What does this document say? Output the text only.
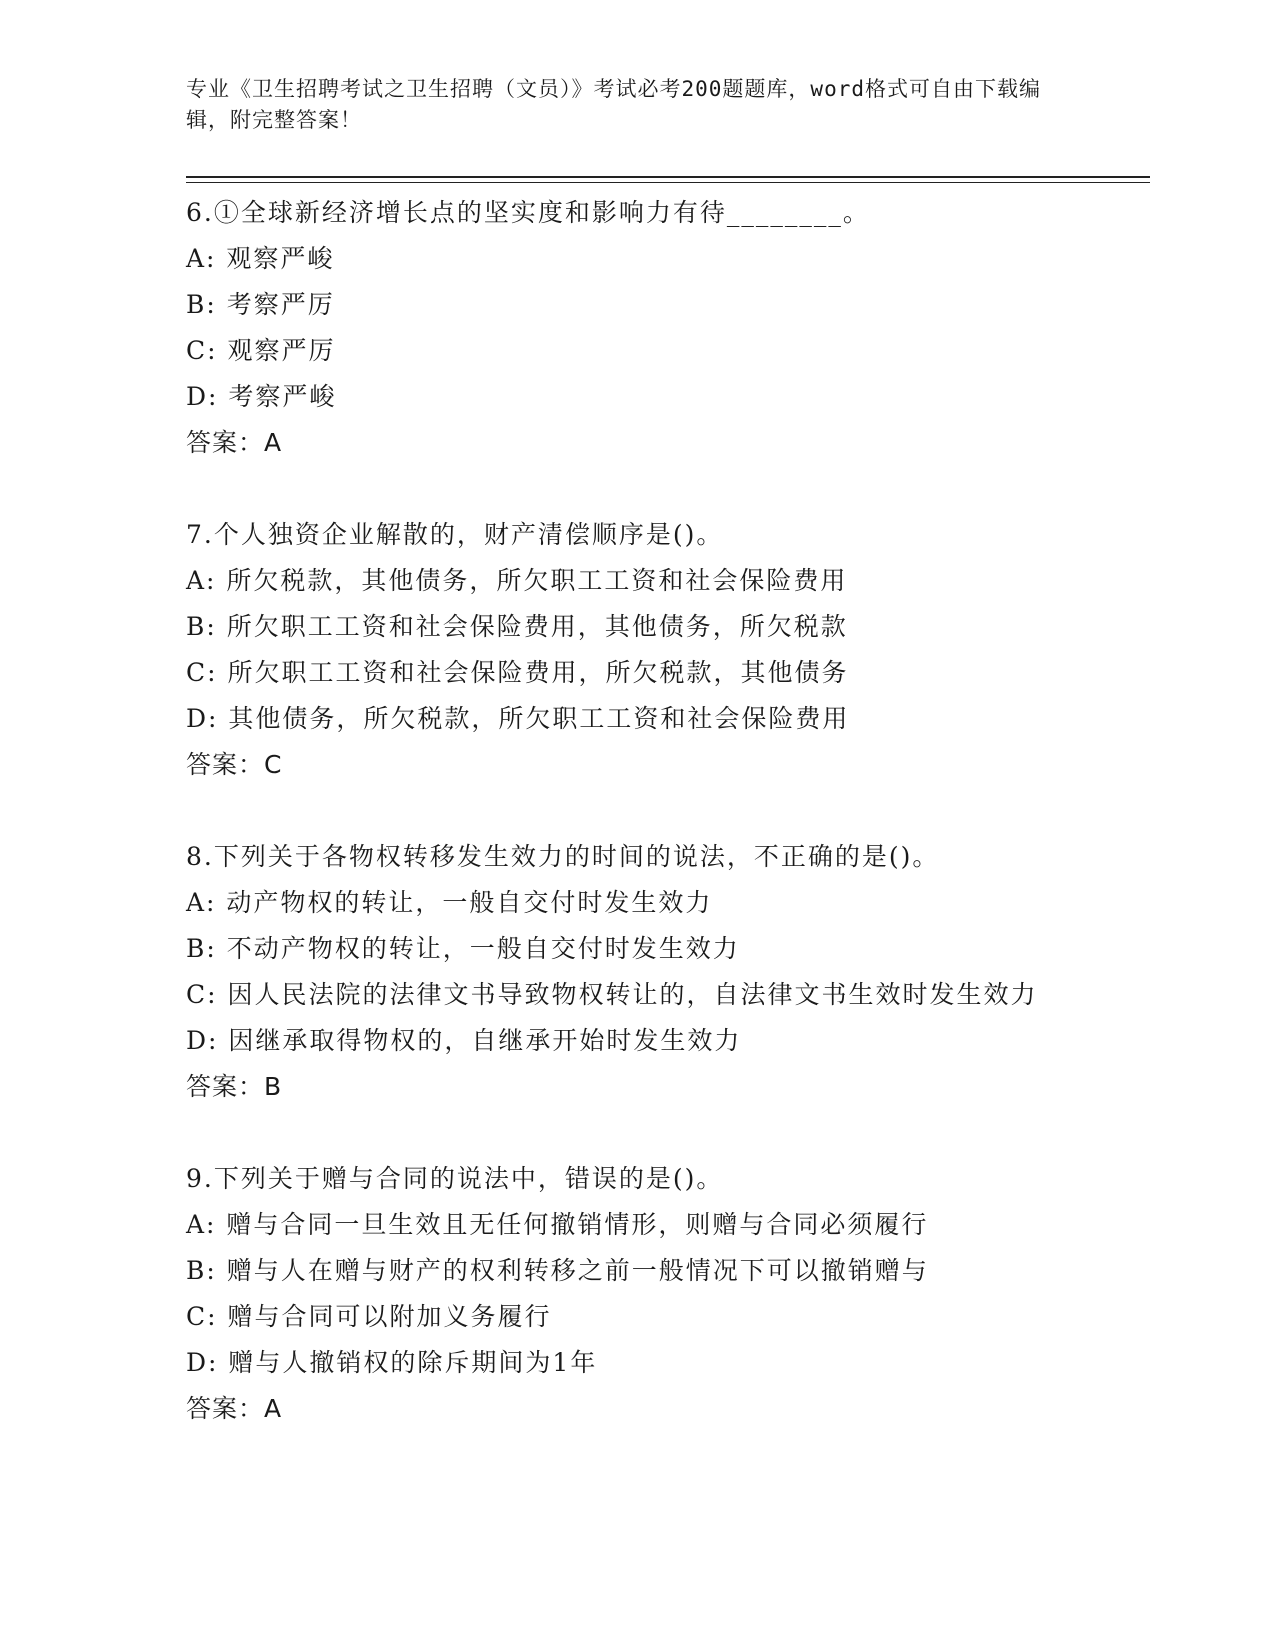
专业《卫生招聘考试之卫生招聘（文员）》考试必考200题题库，word格式可自由下载编辑，附完整答案！
6.①全球新经济增长点的坚实度和影响力有待________。
A: 观察严峻
B: 考察严厉
C: 观察严厉
D: 考察严峻
答案：A
7.个人独资企业解散的，财产清偿顺序是()。
A: 所欠税款，其他债务，所欠职工工资和社会保险费用
B: 所欠职工工资和社会保险费用，其他债务，所欠税款
C: 所欠职工工资和社会保险费用，所欠税款，其他债务
D: 其他债务，所欠税款，所欠职工工资和社会保险费用
答案：C
8.下列关于各物权转移发生效力的时间的说法，不正确的是()。
A: 动产物权的转让，一般自交付时发生效力
B: 不动产物权的转让，一般自交付时发生效力
C: 因人民法院的法律文书导致物权转让的，自法律文书生效时发生效力
D: 因继承取得物权的，自继承开始时发生效力
答案：B
9.下列关于赠与合同的说法中，错误的是()。
A: 赠与合同一旦生效且无任何撤销情形，则赠与合同必须履行
B: 赠与人在赠与财产的权利转移之前一般情况下可以撤销赠与
C: 赠与合同可以附加义务履行
D: 赠与人撤销权的除斥期间为1年
答案：A
